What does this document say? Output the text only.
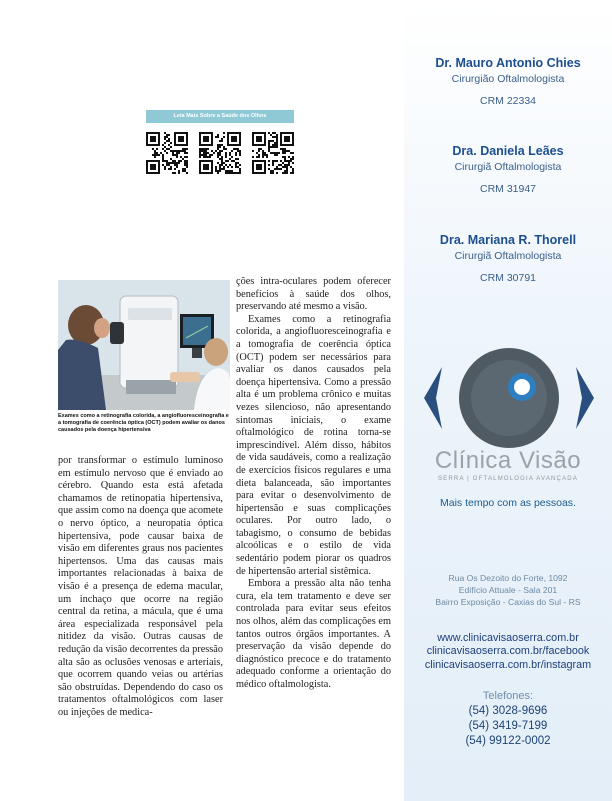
Leia Mais Sobre a Saúde dos Olhos
Exames como a retinografia colorida, a angiofluoresceinografia e a tomografia de coerência óptica (OCT) podem avaliar os danos causados pela doença hipertensiva

por transformar o estímulo luminoso em estímulo nervoso que é enviado ao cérebro. Quando esta está afetada chamamos de retinopatia hipertensiva, que assim como na doença que acomete o nervo óptico, a neuropatia óptica hipertensiva, pode causar baixa de visão em diferentes graus nos pacientes hipertensos. Uma das causas mais importantes relacionadas à baixa de visão é a presença de edema macular, um inchaço que ocorre na região central da retina, a mácula, que é uma área especializada responsável pela nitidez da visão. Outras causas de redução da visão decorrentes da pressão alta são as oclusões venosas e arteriais, que ocorrem quando veias ou artérias são obstruídas. Dependendo do caso os tratamentos oftalmológicos com laser ou injeções de medica-

ções intra-oculares podem oferecer benefícios à saúde dos olhos, preservando até mesmo a visão.

Exames como a retinografia colorida, a angiofluoresceinografia e a tomografia de coerência óptica (OCT) podem ser necessários para avaliar os danos causados pela doença hipertensiva. Como a pressão alta é um problema crônico e muitas vezes silencioso, não apresentando sintomas iniciais, o exame oftalmológico de rotina torna-se imprescindível. Além disso, hábitos de vida saudáveis, como a realização de exercícios físicos regulares e uma dieta balanceada, são importantes para evitar o desenvolvimento de hipertensão e suas complicações oculares. Por outro lado, o tabagismo, o consumo de bebidas alcoólicas e o estilo de vida sedentário podem piorar os quadros de hipertensão arterial sistêmica.

Embora a pressão alta não tenha cura, ela tem tratamento e deve ser controlada para evitar seus efeitos nos olhos, além das complicações em tantos outros órgãos importantes. A preservação da visão depende do diagnóstico precoce e do tratamento adequado conforme a orientação do médico oftalmologista.

Dr. Mauro Antonio Chies
Cirurgião Oftalmologista
CRM 22334
Dra. Daniela Leães
Cirurgiã Oftalmologista
CRM 31947
Dra. Mariana R. Thorell
Cirurgiã Oftalmologista
CRM 30791
Clínica Visão
SERRA | OFTALMOLOGIA AVANÇADA
Mais tempo com as pessoas.
Rua Os Dezoito do Forte, 1092
Edifício Attuale - Sala 201
Bairro Exposição - Caxias do Sul - RS
www.clinicavisaoserra.com.br
clinicavisaoserra.com.br/facebook
clinicavisaoserra.com.br/instagram
Telefones:
(54) 3028-9696
(54) 3419-7199
(54) 99122-0002
